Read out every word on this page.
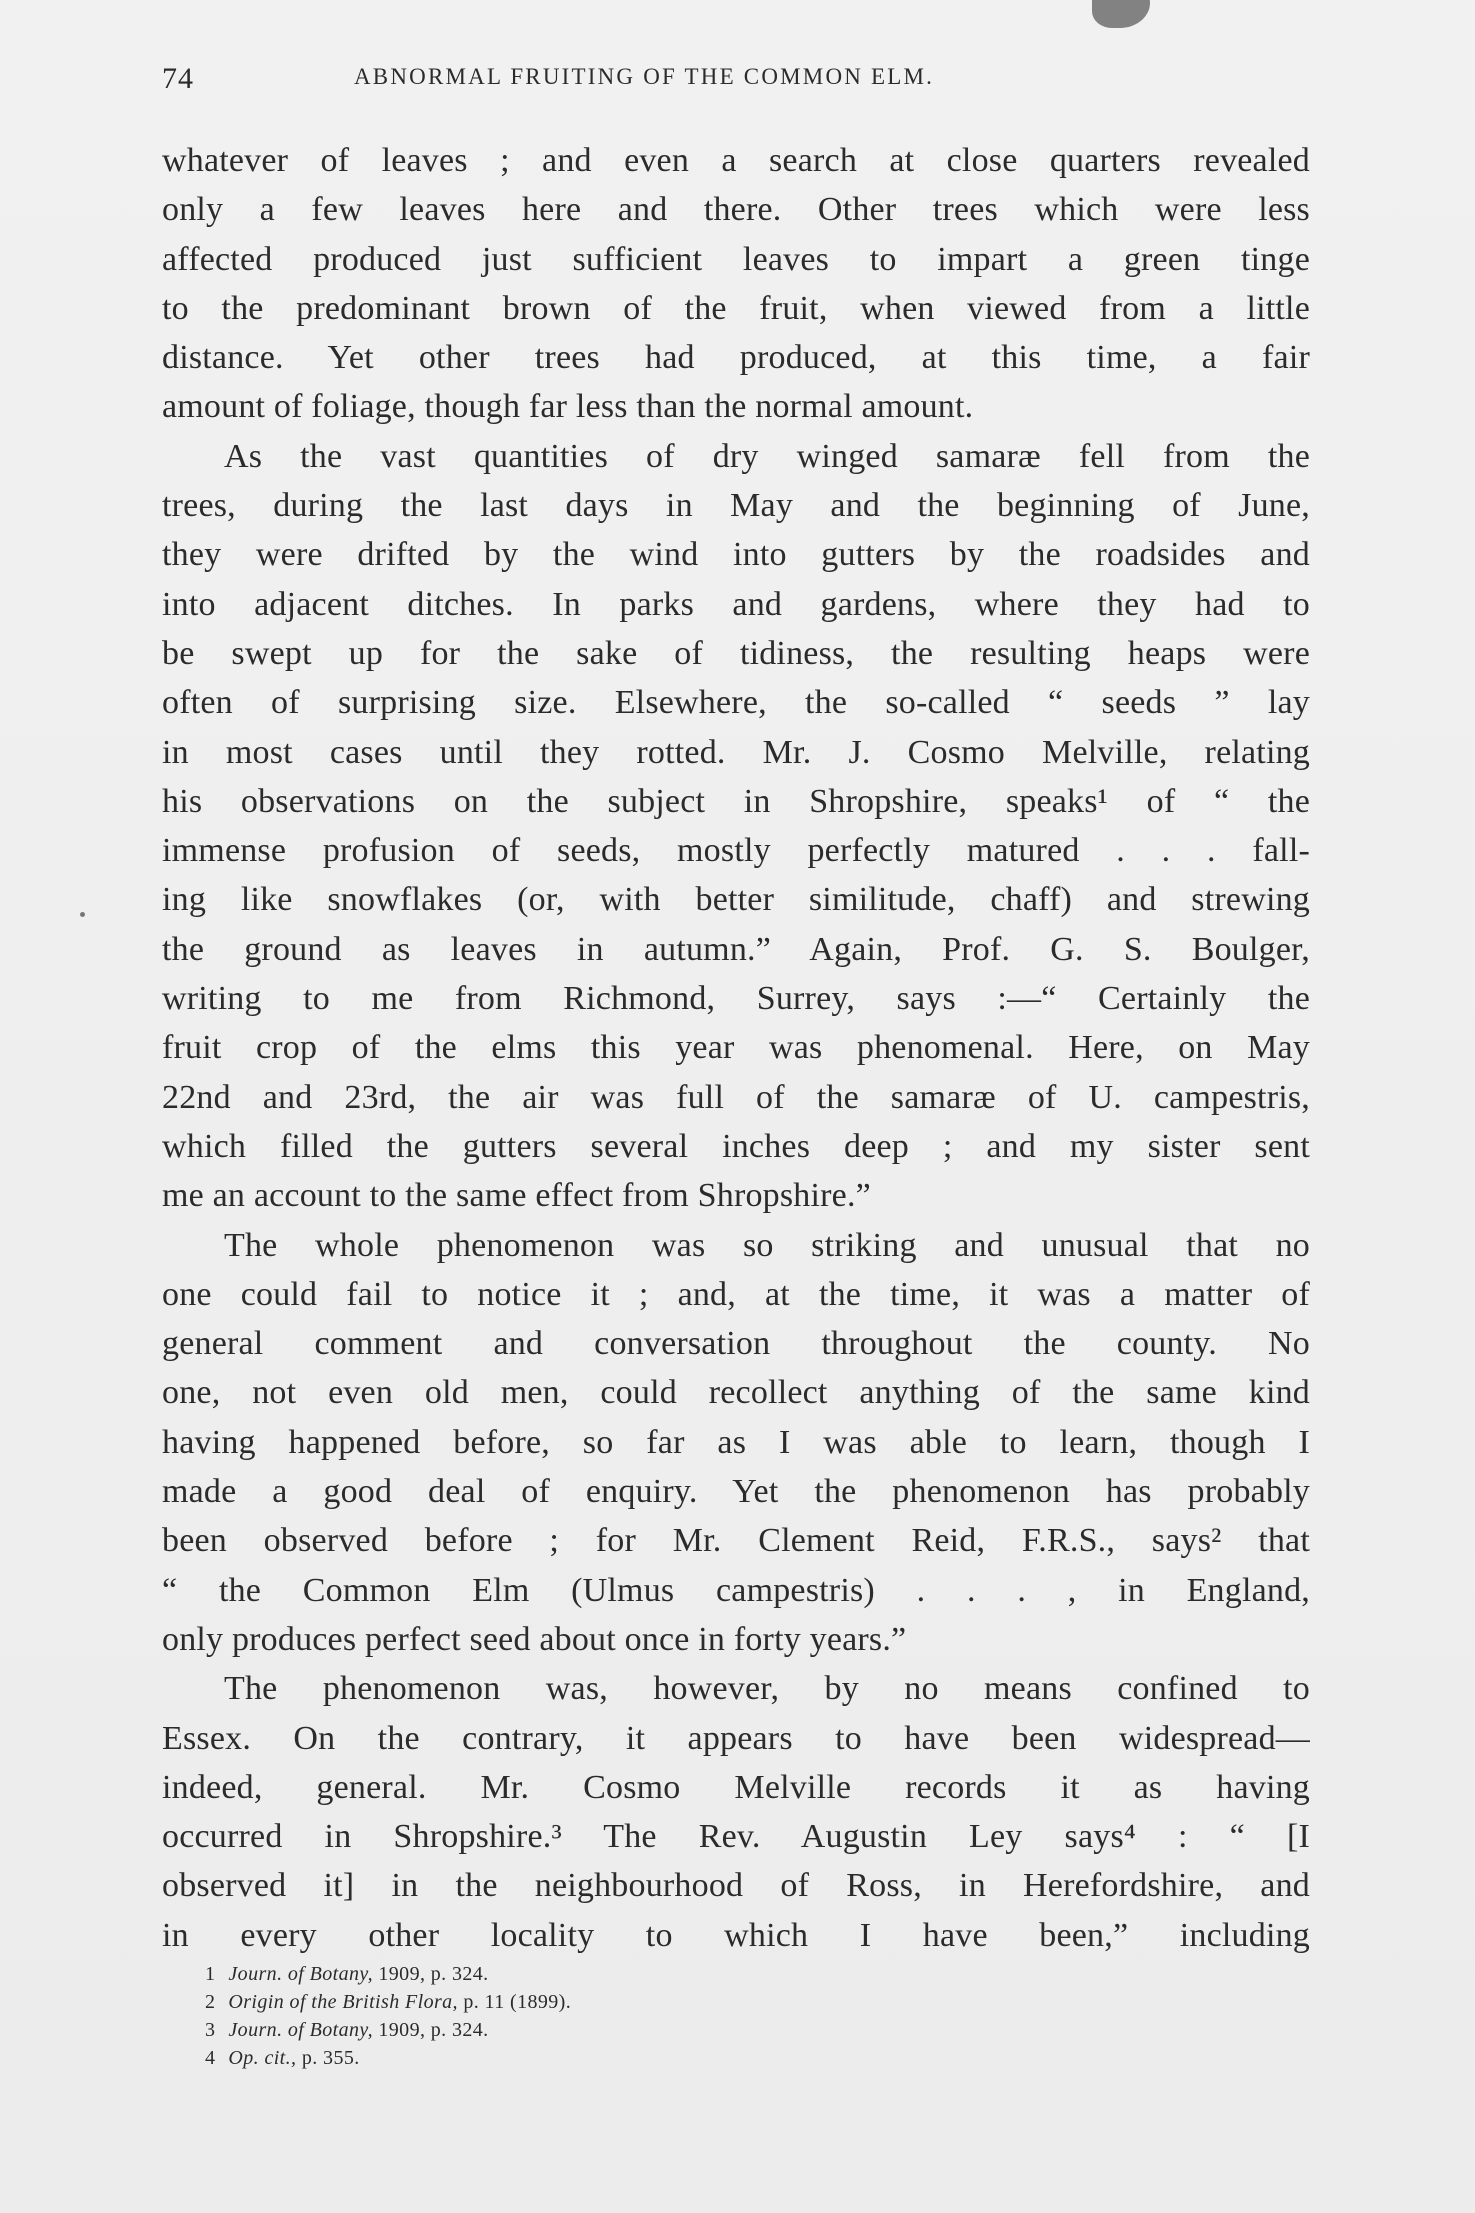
74	ABNORMAL FRUITING OF THE COMMON ELM.
whatever of leaves ; and even a search at close quarters revealed
only a few leaves here and there. Other trees which were less
affected produced just sufficient leaves to impart a green tinge
to the predominant brown of the fruit, when viewed from a little
distance. Yet other trees had produced, at this time, a fair
amount of foliage, though far less than the normal amount.
As the vast quantities of dry winged samaræ fell from the
trees, during the last days in May and the beginning of June,
they were drifted by the wind into gutters by the roadsides and
into adjacent ditches. In parks and gardens, where they had to
be swept up for the sake of tidiness, the resulting heaps were
often of surprising size. Elsewhere, the so-called “ seeds ” lay
in most cases until they rotted. Mr. J. Cosmo Melville, relating
his observations on the subject in Shropshire, speaks¹ of “ the
immense profusion of seeds, mostly perfectly matured . . . fall-
ing like snowflakes (or, with better similitude, chaff) and strewing
the ground as leaves in autumn.” Again, Prof. G. S. Boulger,
writing to me from Richmond, Surrey, says :—“ Certainly the
fruit crop of the elms this year was phenomenal. Here, on May
22nd and 23rd, the air was full of the samaræ of U. campestris,
which filled the gutters several inches deep ; and my sister sent
me an account to the same effect from Shropshire.”
The whole phenomenon was so striking and unusual that no
one could fail to notice it ; and, at the time, it was a matter of
general comment and conversation throughout the county. No
one, not even old men, could recollect anything of the same kind
having happened before, so far as I was able to learn, though I
made a good deal of enquiry. Yet the phenomenon has probably
been observed before ; for Mr. Clement Reid, F.R.S., says² that
“ the Common Elm (Ulmus campestris) . . . , in England,
only produces perfect seed about once in forty years.”
The phenomenon was, however, by no means confined to
Essex. On the contrary, it appears to have been widespread—
indeed, general. Mr. Cosmo Melville records it as having
occurred in Shropshire.³ The Rev. Augustin Ley says⁴ : “ [I
observed it] in the neighbourhood of Ross, in Herefordshire, and
in every other locality to which I have been,” including
1 Journ. of Botany, 1909, p. 324.
2 Origin of the British Flora, p. 11 (1899).
3 Journ. of Botany, 1909, p. 324.
4 Op. cit., p. 355.
